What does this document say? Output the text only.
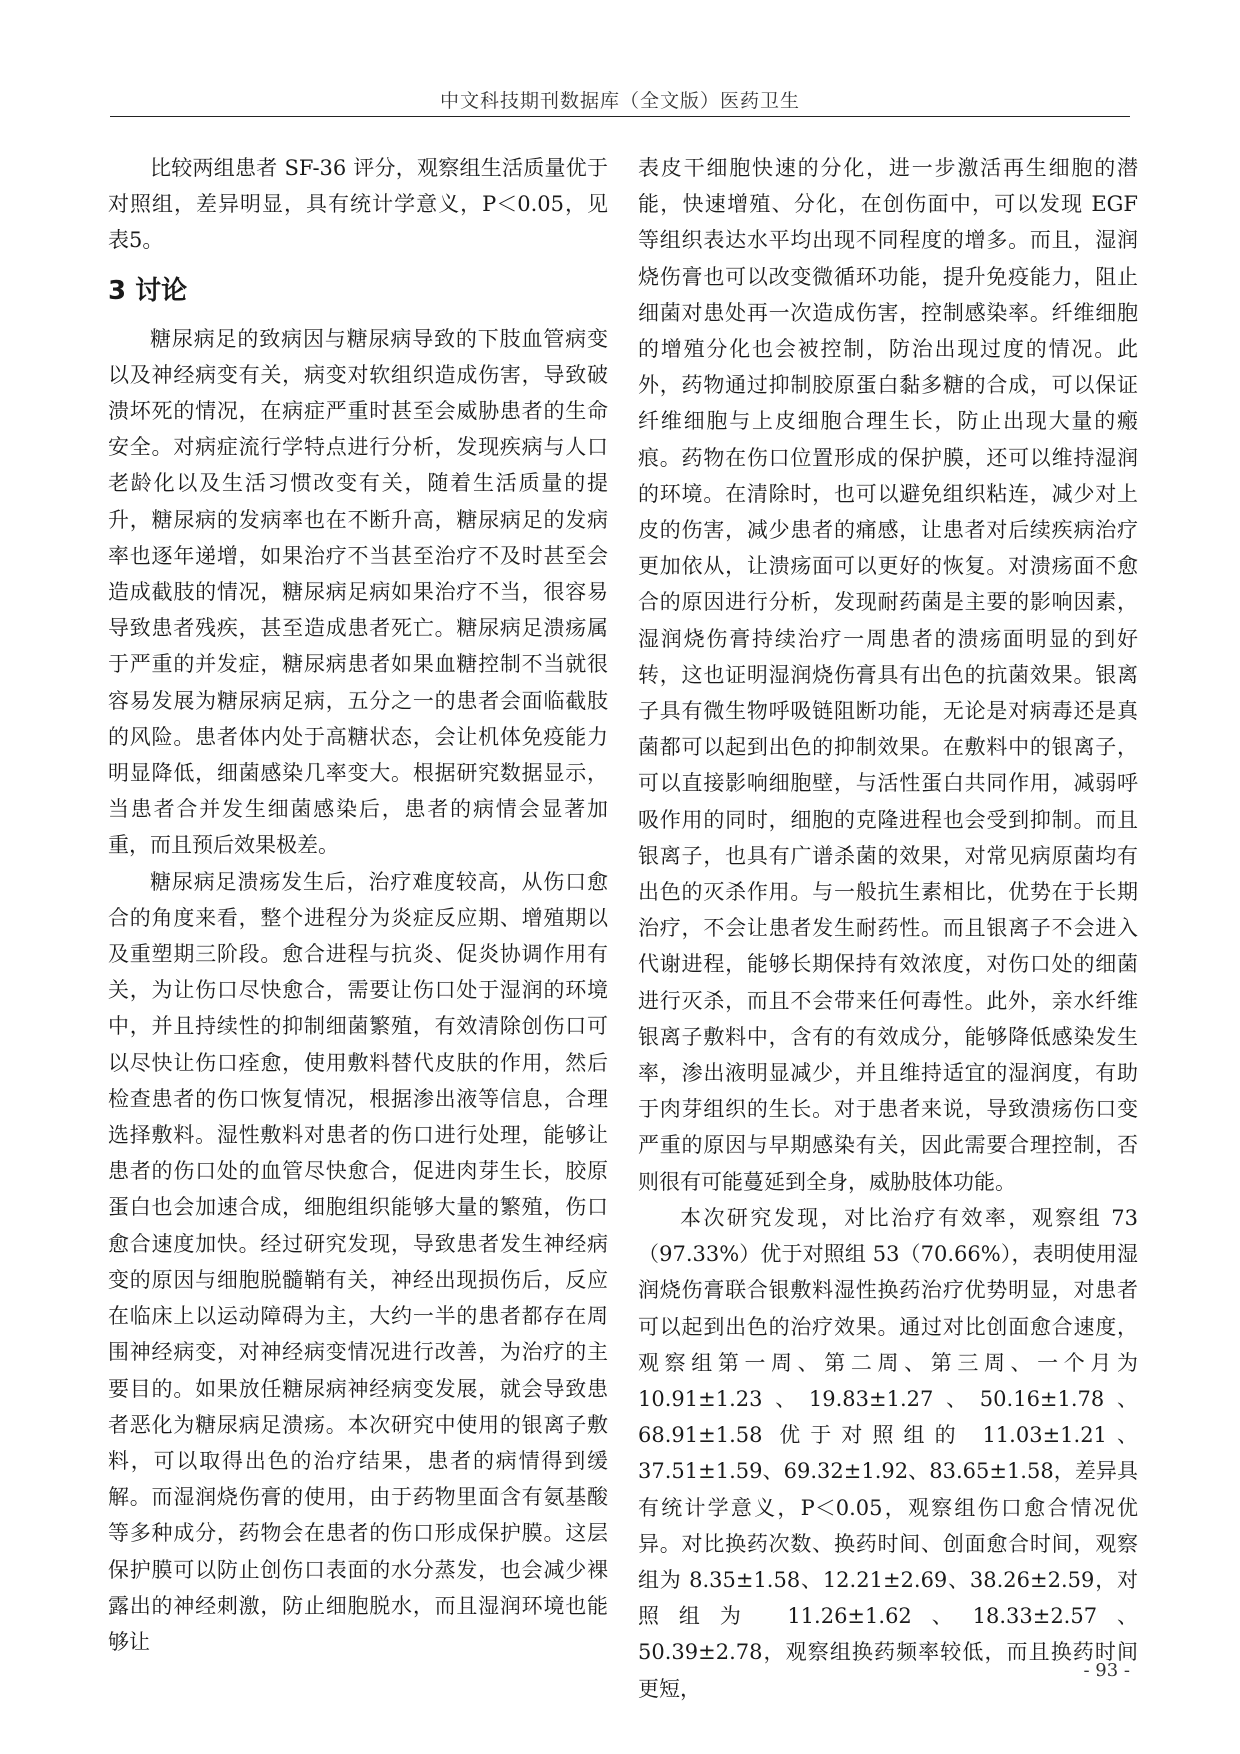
中文科技期刊数据库（全文版）医药卫生

比较两组患者 SF-36 评分，观察组生活质量优于对照组，差异明显，具有统计学意义，P＜0.05，见表5。

3 讨论

糖尿病足的致病因与糖尿病导致的下肢血管病变以及神经病变有关，病变对软组织造成伤害，导致破溃坏死的情况，在病症严重时甚至会威胁患者的生命安全。对病症流行学特点进行分析，发现疾病与人口老龄化以及生活习惯改变有关，随着生活质量的提升，糖尿病的发病率也在不断升高，糖尿病足的发病率也逐年递增，如果治疗不当甚至治疗不及时甚至会造成截肢的情况，糖尿病足病如果治疗不当，很容易导致患者残疾，甚至造成患者死亡。糖尿病足溃疡属于严重的并发症，糖尿病患者如果血糖控制不当就很容易发展为糖尿病足病，五分之一的患者会面临截肢的风险。患者体内处于高糖状态，会让机体免疫能力明显降低，细菌感染几率变大。根据研究数据显示，当患者合并发生细菌感染后，患者的病情会显著加重，而且预后效果极差。

糖尿病足溃疡发生后，治疗难度较高，从伤口愈合的角度来看，整个进程分为炎症反应期、增殖期以及重塑期三阶段。愈合进程与抗炎、促炎协调作用有关，为让伤口尽快愈合，需要让伤口处于湿润的环境中，并且持续性的抑制细菌繁殖，有效清除创伤口可以尽快让伤口痊愈，使用敷料替代皮肤的作用，然后检查患者的伤口恢复情况，根据渗出液等信息，合理选择敷料。湿性敷料对患者的伤口进行处理，能够让患者的伤口处的血管尽快愈合，促进肉芽生长，胶原蛋白也会加速合成，细胞组织能够大量的繁殖，伤口愈合速度加快。经过研究发现，导致患者发生神经病变的原因与细胞脱髓鞘有关，神经出现损伤后，反应在临床上以运动障碍为主，大约一半的患者都存在周围神经病变，对神经病变情况进行改善，为治疗的主要目的。如果放任糖尿病神经病变发展，就会导致患者恶化为糖尿病足溃疡。本次研究中使用的银离子敷料，可以取得出色的治疗结果，患者的病情得到缓解。而湿润烧伤膏的使用，由于药物里面含有氨基酸等多种成分，药物会在患者的伤口形成保护膜。这层保护膜可以防止创伤口表面的水分蒸发，也会减少裸露出的神经刺激，防止细胞脱水，而且湿润环境也能够让

表皮干细胞快速的分化，进一步激活再生细胞的潜能，快速增殖、分化，在创伤面中，可以发现 EGF 等组织表达水平均出现不同程度的增多。而且，湿润烧伤膏也可以改变微循环功能，提升免疫能力，阻止细菌对患处再一次造成伤害，控制感染率。纤维细胞的增殖分化也会被控制，防治出现过度的情况。此外，药物通过抑制胶原蛋白黏多糖的合成，可以保证纤维细胞与上皮细胞合理生长，防止出现大量的瘢痕。药物在伤口位置形成的保护膜，还可以维持湿润的环境。在清除时，也可以避免组织粘连，减少对上皮的伤害，减少患者的痛感，让患者对后续疾病治疗更加依从，让溃疡面可以更好的恢复。对溃疡面不愈合的原因进行分析，发现耐药菌是主要的影响因素，湿润烧伤膏持续治疗一周患者的溃疡面明显的到好转，这也证明湿润烧伤膏具有出色的抗菌效果。银离子具有微生物呼吸链阻断功能，无论是对病毒还是真菌都可以起到出色的抑制效果。在敷料中的银离子，可以直接影响细胞壁，与活性蛋白共同作用，减弱呼吸作用的同时，细胞的克隆进程也会受到抑制。而且银离子，也具有广谱杀菌的效果，对常见病原菌均有出色的灭杀作用。与一般抗生素相比，优势在于长期治疗，不会让患者发生耐药性。而且银离子不会进入代谢进程，能够长期保持有效浓度，对伤口处的细菌进行灭杀，而且不会带来任何毒性。此外，亲水纤维银离子敷料中，含有的有效成分，能够降低感染发生率，渗出液明显减少，并且维持适宜的湿润度，有助于肉芽组织的生长。对于患者来说，导致溃疡伤口变严重的原因与早期感染有关，因此需要合理控制，否则很有可能蔓延到全身，威胁肢体功能。

本次研究发现，对比治疗有效率，观察组 73（97.33%）优于对照组 53（70.66%），表明使用湿润烧伤膏联合银敷料湿性换药治疗优势明显，对患者可以起到出色的治疗效果。通过对比创面愈合速度，观察组第一周、第二周、第三周、一个月为 10.91±1.23、19.83±1.27、50.16±1.78、68.91±1.58 优于对照组的 11.03±1.21、37.51±1.59、69.32±1.92、83.65±1.58，差异具有统计学意义，P＜0.05，观察组伤口愈合情况优异。对比换药次数、换药时间、创面愈合时间，观察组为 8.35±1.58、12.21±2.69、38.26±2.59，对照组为 11.26±1.62、18.33±2.57、50.39±2.78，观察组换药频率较低，而且换药时间更短，

- 93 -
